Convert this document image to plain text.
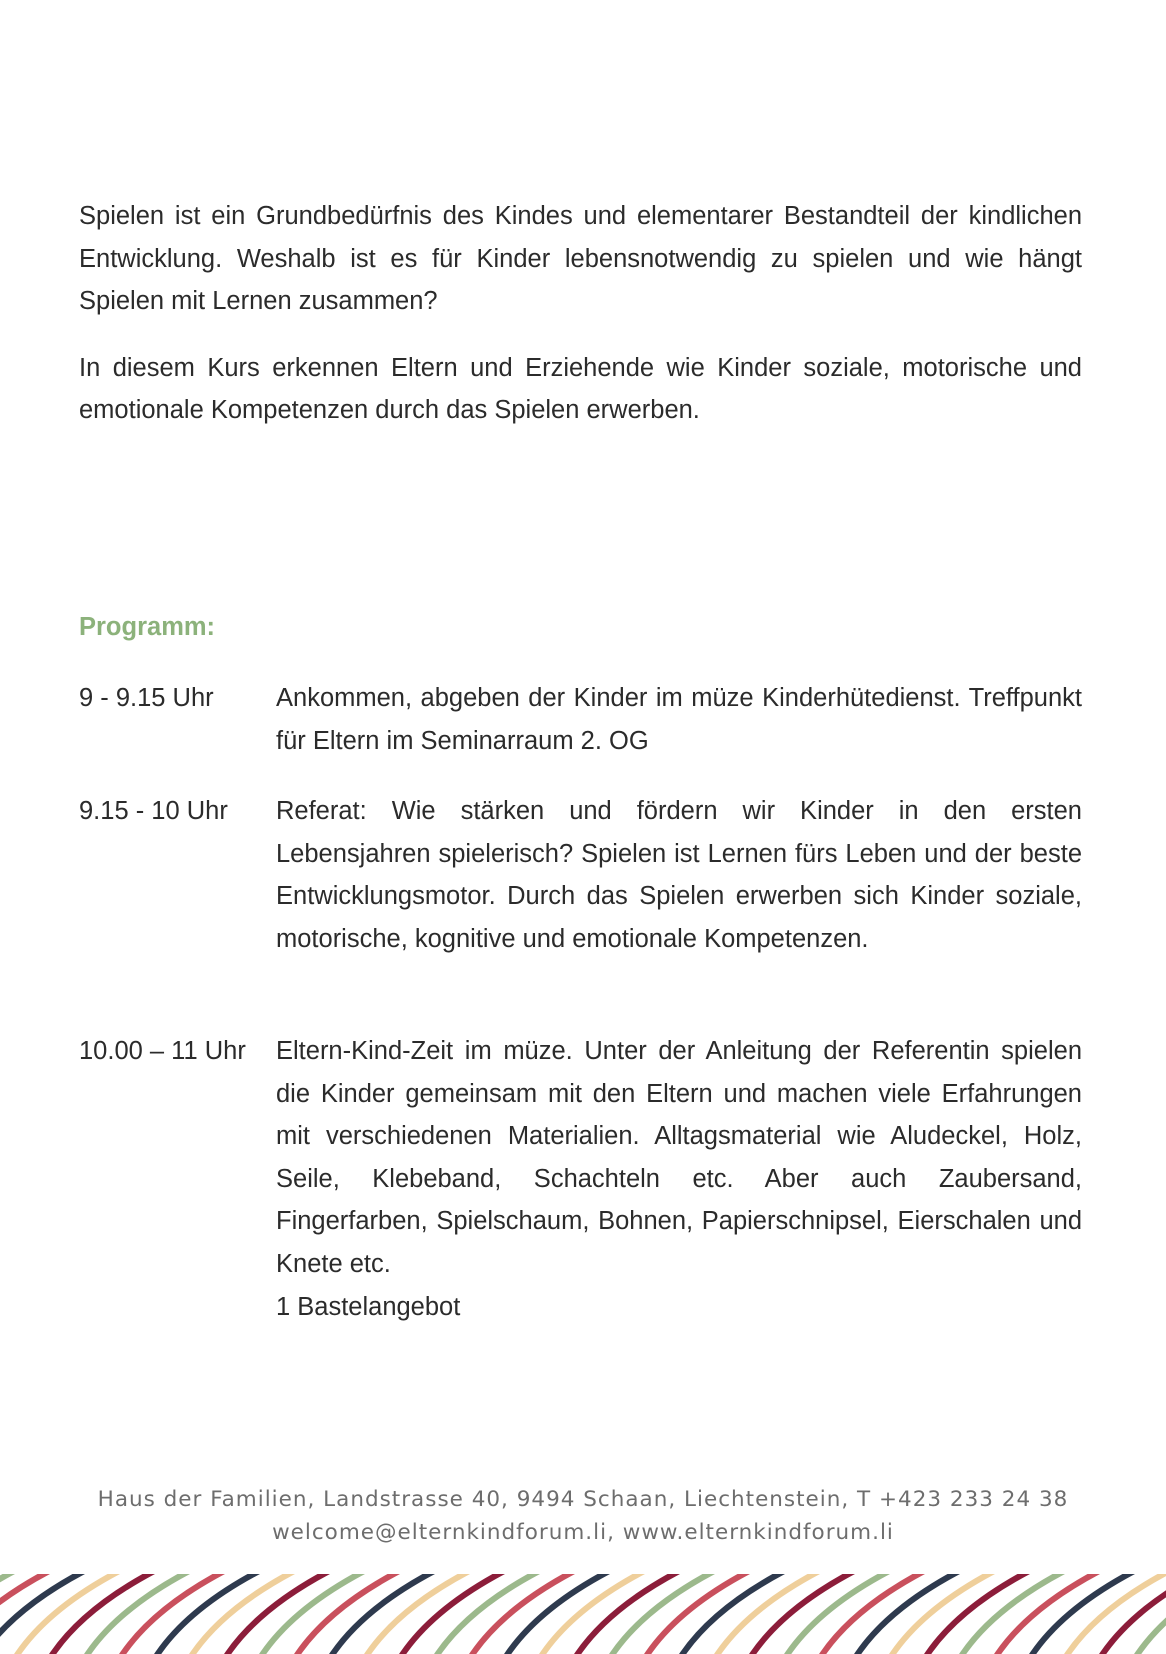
Spielen ist ein Grundbedürfnis des Kindes und elementarer Bestandteil der kindlichen Entwicklung. Weshalb ist es für Kinder lebensnotwendig zu spielen und wie hängt Spielen mit Lernen zusammen?

In diesem Kurs erkennen Eltern und Erziehende wie Kinder soziale, motorische und emotionale Kompetenzen durch das Spielen erwerben.

Programm:
9 - 9.15 Uhr	Ankommen, abgeben der Kinder im müze Kinderhütedienst. Treffpunkt für Eltern im Seminarraum 2. OG
9.15 - 10 Uhr	Referat: Wie stärken und fördern wir Kinder in den ersten Lebensjahren spielerisch? Spielen ist Lernen fürs Leben und der beste Entwicklungsmotor. Durch das Spielen erwerben sich Kinder soziale, motorische, kognitive und emotionale Kompetenzen.
10.00 – 11 Uhr	Eltern-Kind-Zeit im müze. Unter der Anleitung der Referentin spielen die Kinder gemeinsam mit den Eltern und machen viele Erfahrungen mit verschiedenen Materialien. Alltagsmaterial wie Aludeckel, Holz, Seile, Klebeband, Schachteln etc. Aber auch Zaubersand, Fingerfarben, Spielschaum, Bohnen, Papierschnipsel, Eierschalen und Knete etc.
1 Bastelangebot
Haus der Familien, Landstrasse 40, 9494 Schaan, Liechtenstein, T +423 233 24 38
welcome@elternkindforum.li, www.elternkindforum.li
